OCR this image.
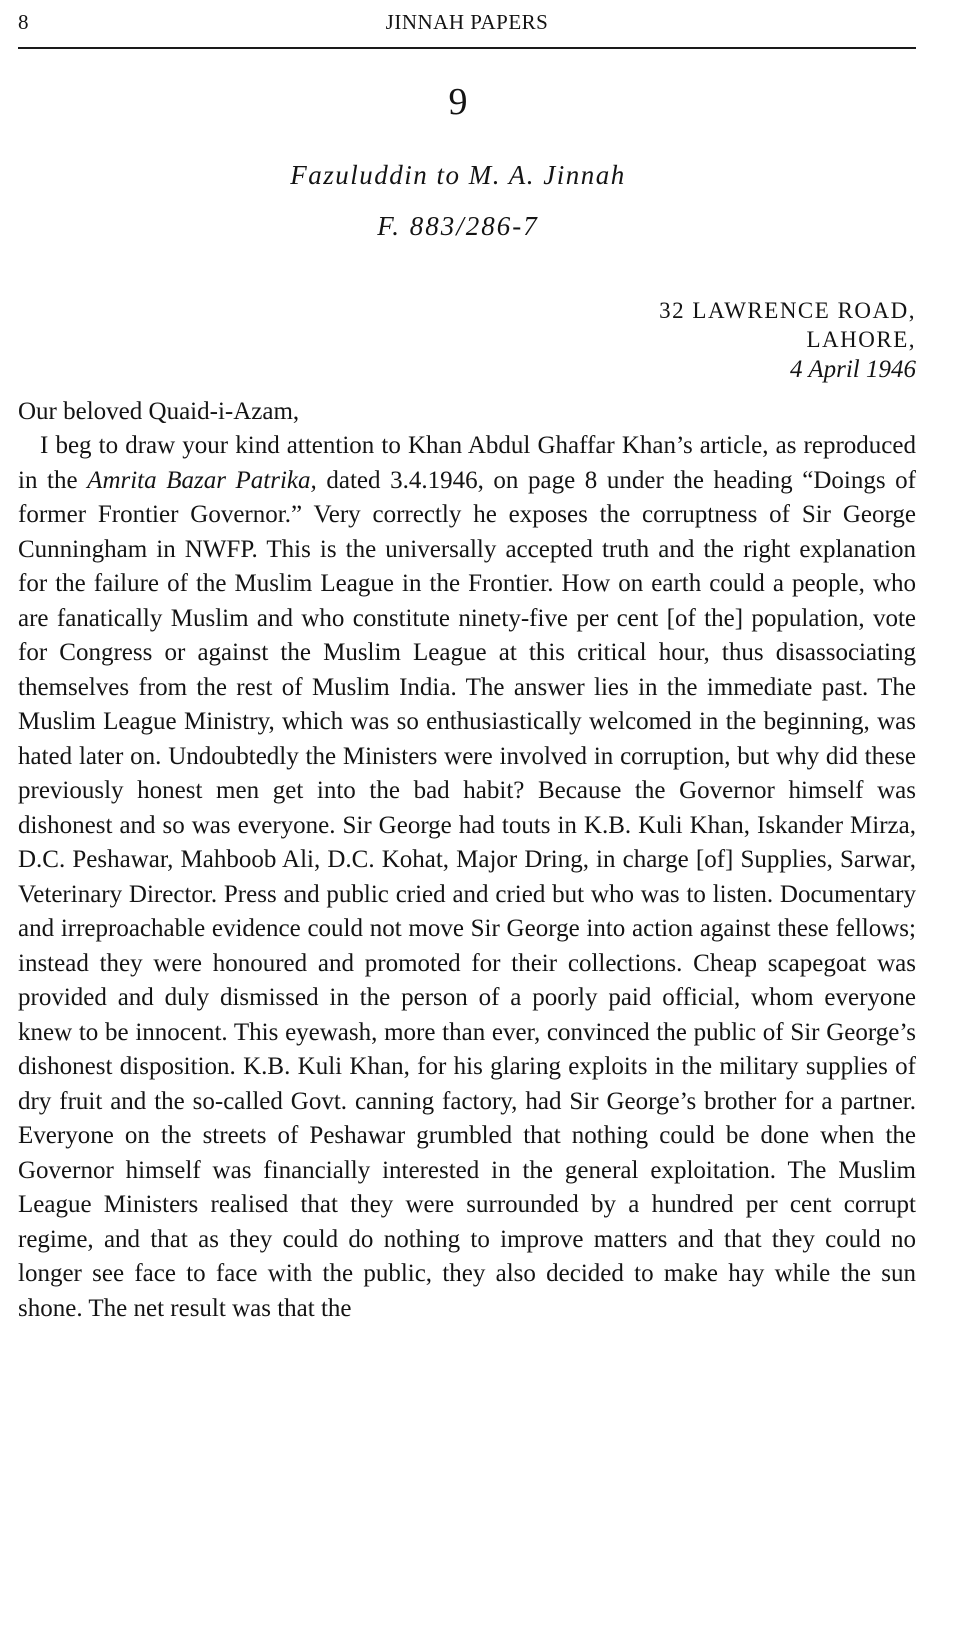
8	JINNAH PAPERS
9
Fazuluddin to M. A. Jinnah
F. 883/286-7
32 LAWRENCE ROAD,
LAHORE,
4 April 1946
Our beloved Quaid-i-Azam,

I beg to draw your kind attention to Khan Abdul Ghaffar Khan’s article, as reproduced in the Amrita Bazar Patrika, dated 3.4.1946, on page 8 under the heading “Doings of former Frontier Governor.” Very correctly he exposes the corruptness of Sir George Cunningham in NWFP. This is the universally accepted truth and the right explanation for the failure of the Muslim League in the Frontier. How on earth could a people, who are fanatically Muslim and who constitute ninety-five per cent [of the] population, vote for Congress or against the Muslim League at this critical hour, thus disassociating themselves from the rest of Muslim India. The answer lies in the immediate past. The Muslim League Ministry, which was so enthusiastically welcomed in the beginning, was hated later on. Undoubtedly the Ministers were involved in corruption, but why did these previously honest men get into the bad habit? Because the Governor himself was dishonest and so was everyone. Sir George had touts in K.B. Kuli Khan, Iskander Mirza, D.C. Peshawar, Mahboob Ali, D.C. Kohat, Major Dring, in charge [of] Supplies, Sarwar, Veterinary Director. Press and public cried and cried but who was to listen. Documentary and irreproachable evidence could not move Sir George into action against these fellows; instead they were honoured and promoted for their collections. Cheap scapegoat was provided and duly dismissed in the person of a poorly paid official, whom everyone knew to be innocent. This eyewash, more than ever, convinced the public of Sir George’s dishonest disposition. K.B. Kuli Khan, for his glaring exploits in the military supplies of dry fruit and the so-called Govt. canning factory, had Sir George’s brother for a partner. Everyone on the streets of Peshawar grumbled that nothing could be done when the Governor himself was financially interested in the general exploitation. The Muslim League Ministers realised that they were surrounded by a hundred per cent corrupt regime, and that as they could do nothing to improve matters and that they could no longer see face to face with the public, they also decided to make hay while the sun shone. The net result was that the
